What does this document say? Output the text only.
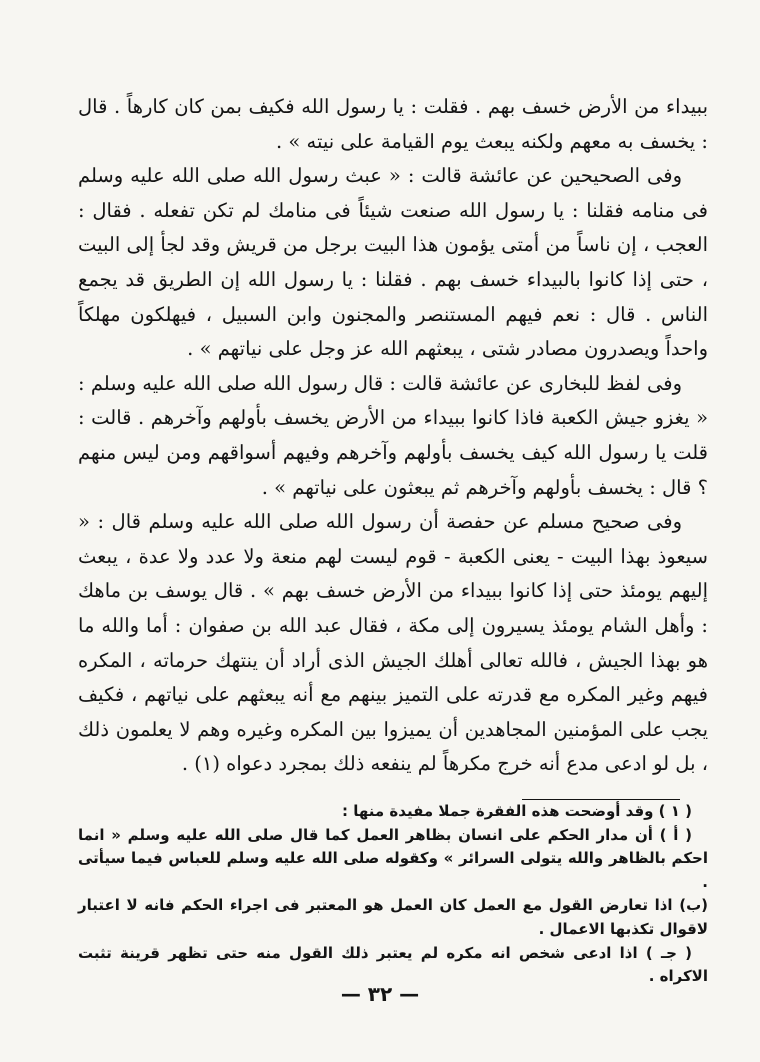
ببيداء من الأرض خسف بهم . فقلت : يا رسول الله فكيف بمن كان كارهاً . قال : يخسف به معهم ولكنه يبعث يوم القيامة على نيته » .

وفى الصحيحين عن عائشة قالت : « عبث رسول الله صلى الله عليه وسلم فى منامه فقلنا : يا رسول الله صنعت شيئاً فى منامك لم تكن تفعله . فقال : العجب ، إن ناساً من أمتى يؤمون هذا البيت برجل من قريش وقد لجأ إلى البيت ، حتى إذا كانوا بالبيداء خسف بهم . فقلنا : يا رسول الله إن الطريق قد يجمع الناس . قال : نعم فيهم المستنصر والمجنون وابن السبيل ، فيهلكون مهلكاً واحداً ويصدرون مصادر شتى ، يبعثهم الله عز وجل على نياتهم » .

وفى لفظ للبخارى عن عائشة قالت : قال رسول الله صلى الله عليه وسلم : « يغزو جيش الكعبة فاذا كانوا ببيداء من الأرض يخسف بأولهم وآخرهم . قالت : قلت يا رسول الله كيف يخسف بأولهم وآخرهم وفيهم أسواقهم ومن ليس منهم ؟ قال : يخسف بأولهم وآخرهم ثم يبعثون على نياتهم » .

وفى صحيح مسلم عن حفصة أن رسول الله صلى الله عليه وسلم قال : « سيعوذ بهذا البيت - يعنى الكعبة - قوم ليست لهم منعة ولا عدد ولا عدة ، يبعث إليهم يومئذ حتى إذا كانوا ببيداء من الأرض خسف بهم » . قال يوسف بن ماهك : وأهل الشام يومئذ يسيرون إلى مكة ، فقال عبد الله بن صفوان : أما والله ما هو بهذا الجيش ، فالله تعالى أهلك الجيش الذى أراد أن ينتهك حرماته ، المكره فيهم وغير المكره مع قدرته على التميز بينهم مع أنه يبعثهم على نياتهم ، فكيف يجب على المؤمنين المجاهدين أن يميزوا بين المكره وغيره وهم لا يعلمون ذلك ، بل لو ادعى مدع أنه خرج مكرهاً لم ينفعه ذلك بمجرد دعواه (١) .

( ١ ) وقد أوضحت هذه الفقرة جملا مفيدة منها :

( أ ) أن مدار الحكم على انسان بظاهر العمل كما قال صلى الله عليه وسلم « انما احكم بالظاهر والله يتولى السرائر » وكقوله صلى الله عليه وسلم للعباس فيما سيأتى .

(ب) اذا تعارض القول مع العمل كان العمل هو المعتبر فى اجراء الحكم فانه لا اعتبار لاقوال تكذبها الاعمال .

( جـ ) اذا ادعى شخص انه مكره لم يعتبر ذلك القول منه حتى تظهر قرينة تثبت الاكراه .

— ٣٢ —
